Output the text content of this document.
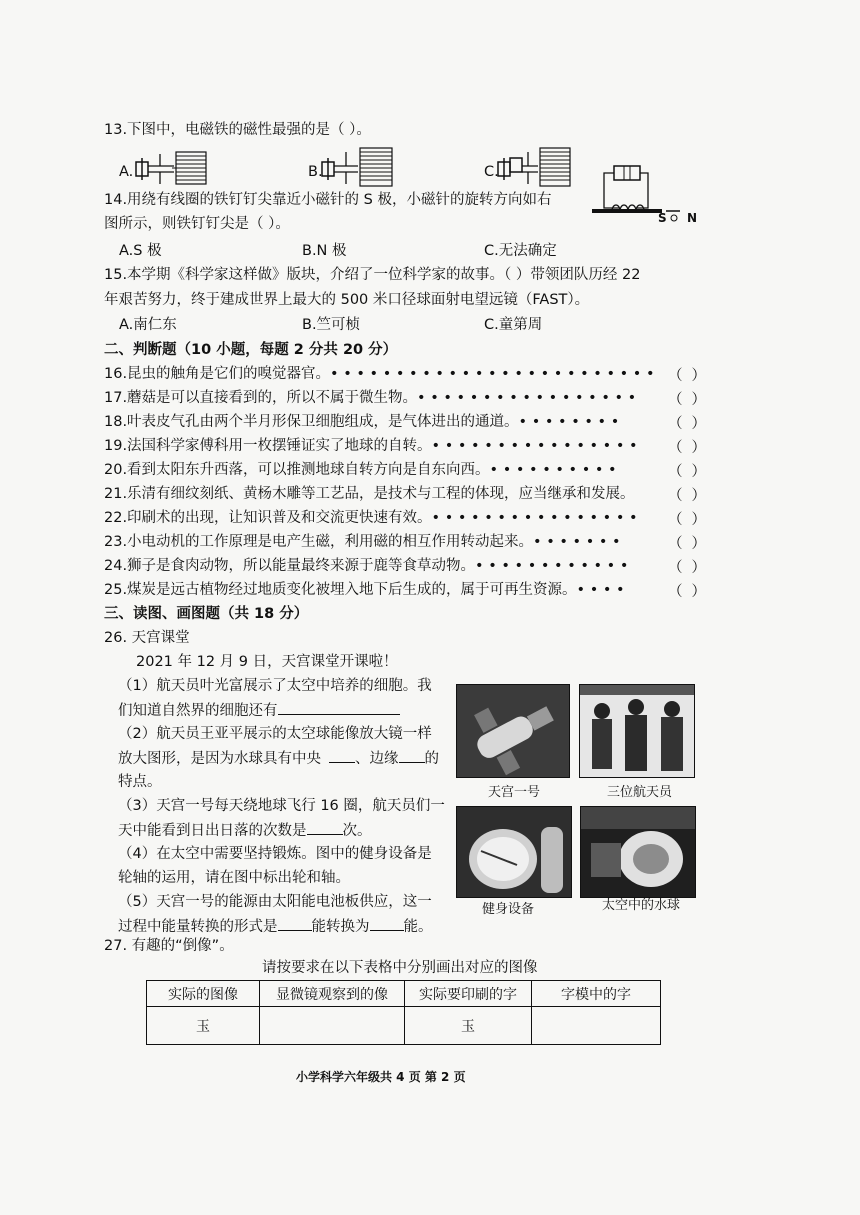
13.下图中，电磁铁的磁性最强的是（ ）。
A.	B.	C.
14.用绕有线圈的铁钉钉尖靠近小磁针的 S 极，小磁针的旋转方向如右
图所示，则铁钉钉尖是（ ）。
A.S 极	B.N 极	C.无法确定
S N
15.本学期《科学家这样做》版块，介绍了一位科学家的故事。（ ）带领团队历经 22
年艰苦努力，终于建成世界上最大的 500 米口径球面射电望远镜（FAST）。
A.南仁东	B.竺可桢	C.童第周
二、判断题（10 小题，每题 2 分共 20 分）
16.昆虫的触角是它们的嗅觉器官。• • • • • • • • • • • • • • • • • • • • • • • • • （ ）
17.蘑菇是可以直接看到的，所以不属于微生物。• • • • • • • • • • • • • • • • • （ ）
18.叶表皮气孔由两个半月形保卫细胞组成，是气体进出的通道。• • • • • • • •	（ ）
19.法国科学家傅科用一枚摆锤证实了地球的自转。• • • • • • • • • • • • • • • • （ ）
20.看到太阳东升西落，可以推测地球自转方向是自东向西。• • • • • • • • • •	（ ）
21.乐清有细纹刻纸、黄杨木雕等工艺品，是技术与工程的体现，应当继承和发展。 （ ）
22.印刷术的出现，让知识普及和交流更快速有效。• • • • • • • • • • • • • • • • （ ）
23.小电动机的工作原理是电产生磁，利用磁的相互作用转动起来。• • • • • • •	（ ）
24.狮子是食肉动物，所以能量最终来源于鹿等食草动物。• • • • • • • • • • • •	（ ）
25.煤炭是远古植物经过地质变化被埋入地下后生成的，属于可再生资源。• • • •	（ ）
三、读图、画图题（共 18 分）
26. 天宫课堂
2021 年 12 月 9 日，天宫课堂开课啦！
（1）航天员叶光富展示了太空中培养的细胞。我
们知道自然界的细胞还有
（2）航天员王亚平展示的太空球能像放大镜一样
放大图形，是因为水球具有中央 、边缘 的
特点。
（3）天宫一号每天绕地球飞行 16 圈，航天员们一
天中能看到日出日落的次数是 次。
（4）在太空中需要坚持锻炼。图中的健身设备是
轮轴的运用，请在图中标出轮和轴。
（5）天宫一号的能源由太阳能电池板供应，这一
过程中能量转换的形式是 能转换为 能。
天宫一号	三位航天员
健身设备	太空中的水球
27. 有趣的“倒像”。
请按要求在以下表格中分别画出对应的图像
实际的图像	显微镜观察到的像	实际要印刷的字	字模中的字
玉		玉	
小学科学六年级共 4 页 第 2 页
